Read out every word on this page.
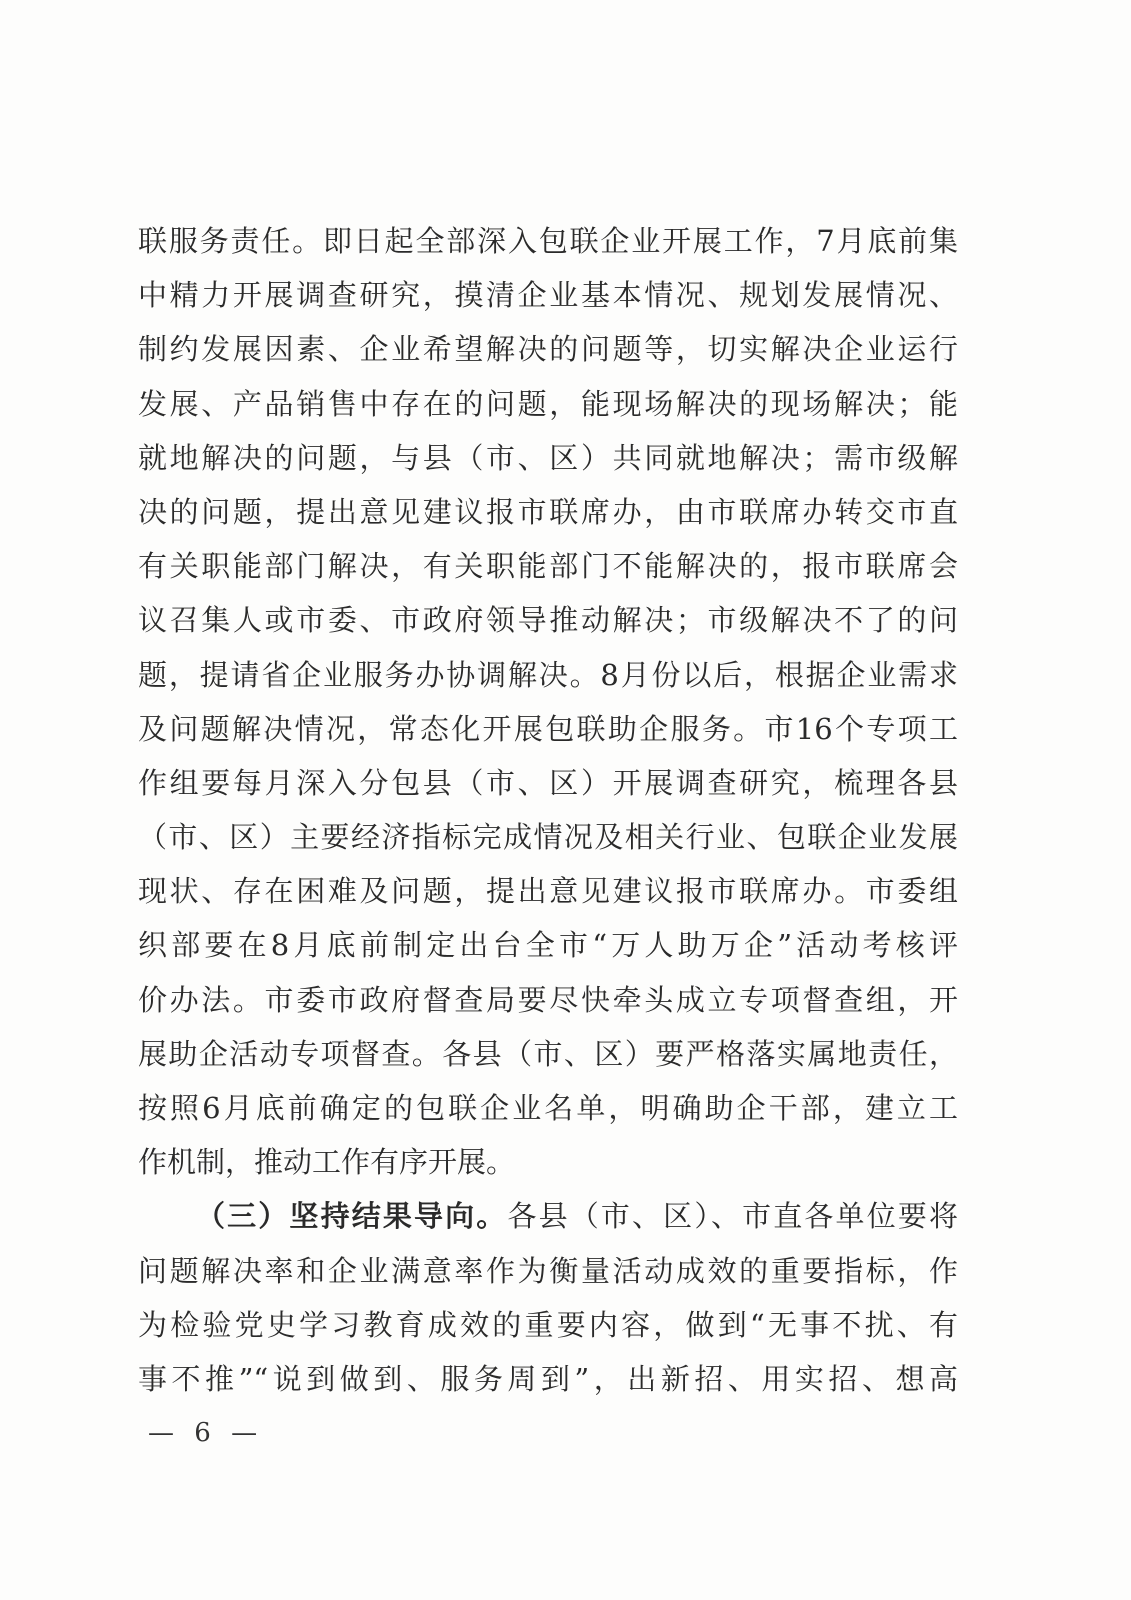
联服务责任。即日起全部深入包联企业开展工作，7月底前集
中精力开展调查研究，摸清企业基本情况、规划发展情况、
制约发展因素、企业希望解决的问题等，切实解决企业运行
发展、产品销售中存在的问题，能现场解决的现场解决；能
就地解决的问题，与县（市、区）共同就地解决；需市级解
决的问题，提出意见建议报市联席办，由市联席办转交市直
有关职能部门解决，有关职能部门不能解决的，报市联席会
议召集人或市委、市政府领导推动解决；市级解决不了的问
题，提请省企业服务办协调解决。8月份以后，根据企业需求
及问题解决情况，常态化开展包联助企服务。市16个专项工
作组要每月深入分包县（市、区）开展调查研究，梳理各县
（市、区）主要经济指标完成情况及相关行业、包联企业发展
现状、存在困难及问题，提出意见建议报市联席办。市委组
织部要在8月底前制定出台全市“万人助万企”活动考核评
价办法。市委市政府督查局要尽快牵头成立专项督查组，开
展助企活动专项督查。各县（市、区）要严格落实属地责任，
按照6月底前确定的包联企业名单，明确助企干部，建立工
作机制，推动工作有序开展。
（三）坚持结果导向。各县（市、区）、市直各单位要将
问题解决率和企业满意率作为衡量活动成效的重要指标，作
为检验党史学习教育成效的重要内容，做到“无事不扰、有
事不推”“说到做到、服务周到”，出新招、用实招、想高
— 6 —
